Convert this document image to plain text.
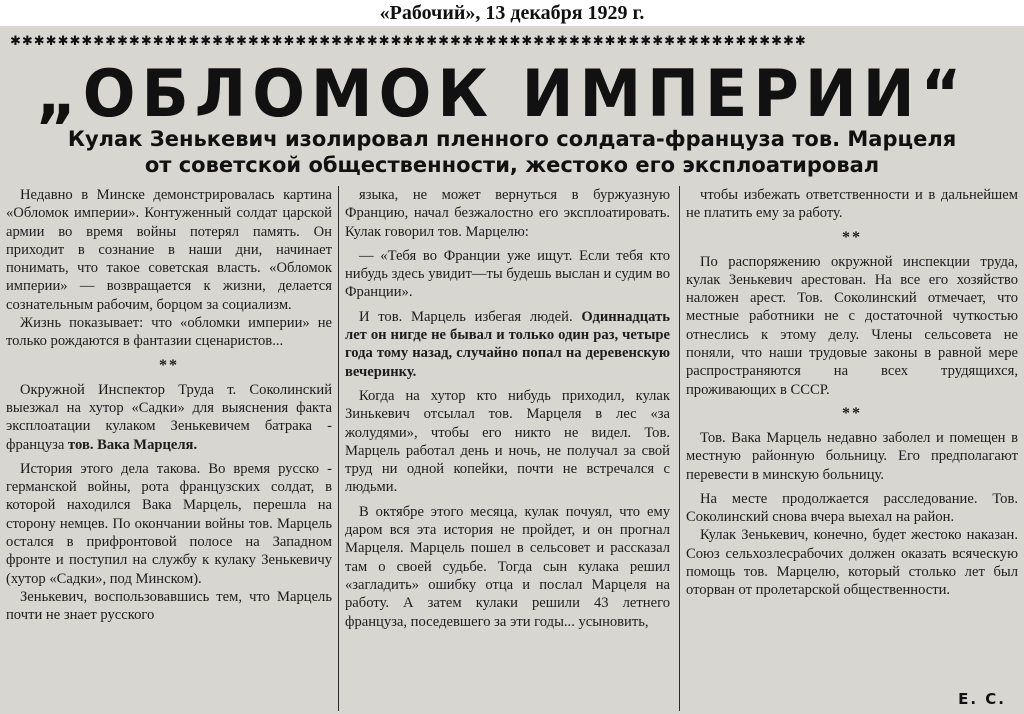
«Рабочий», 13 декабря 1929 г.
✱✱✱✱✱✱✱✱✱✱✱✱✱✱✱✱✱✱✱✱✱✱✱✱✱✱✱✱✱✱✱✱✱✱✱✱✱✱✱✱✱✱✱✱✱✱✱✱✱✱✱✱✱✱✱✱✱✱✱✱✱✱✱✱✱✱✱
„ОБЛОМОК ИМПЕРИИ“
Кулак Зенькевич изолировал пленного солдата-француза тов. Марцеля
от советской общественности, жестоко его эксплоатировал

Недавно в Минске демонстрировалась картина «Обломок империи». Контуженный солдат царской армии во время войны потерял память. Он приходит в сознание в наши дни, начинает понимать, что такое советская власть. «Обломок империи» — возвращается к жизни, делается сознательным рабочим, борцом за социализм.

Жизнь показывает: что «обломки империи» не только рождаются в фантазии сценаристов...

**

Окружной Инспектор Труда т. Соколинский выезжал на хутор «Садки» для выяснения факта эксплоатации кулаком Зенькевичем батрака - француза тов. Вака Марцеля.

История этого дела такова. Во время русско - германской войны, рота французских солдат, в которой находился Вака Марцель, перешла на сторону немцев. По окончании войны тов. Марцель остался в прифронтовой полосе на Западном фронте и поступил на службу к кулаку Зенькевичу (хутор «Садки», под Минском).

Зенькевич, воспользовавшись тем, что Марцель почти не знает русского

языка, не может вернуться в буржуазную Францию, начал безжалостно его эксплоатировать. Кулак говорил тов. Марцелю:

— «Тебя во Франции уже ищут. Если тебя кто нибудь здесь увидит—ты будешь выслан и судим во Франции».

И тов. Марцель избегая людей. Одиннадцать лет он нигде не бывал и только один раз, четыре года тому назад, случайно попал на деревенскую вечеринку.

Когда на хутор кто нибудь приходил, кулак Зинькевич отсылал тов. Марцеля в лес «за жолудями», чтобы его никто не видел. Тов. Марцель работал день и ночь, не получал за свой труд ни одной копейки, почти не встречался с людьми.

В октябре этого месяца, кулак почуял, что ему даром вся эта история не пройдет, и он прогнал Марцеля. Марцель пошел в сельсовет и рассказал там о своей судьбе. Тогда сын кулака решил «загладить» ошибку отца и послал Марцеля на работу. А затем кулаки решили 43 летнего француза, поседевшего за эти годы... усыновить,

чтобы избежать ответственности и в дальнейшем не платить ему за работу.

**

По распоряжению окружной инспекции труда, кулак Зенькевич арестован. На все его хозяйство наложен арест. Тов. Соколинский отмечает, что местные работники не с достаточной чуткостью отнеслись к этому делу. Члены сельсовета не поняли, что наши трудовые законы в равной мере распространяются на всех трудящихся, проживающих в СССР.

**

Тов. Вака Марцель недавно заболел и помещен в местную районную больницу. Его предполагают перевести в минскую больницу.

На месте продолжается расследование. Тов. Соколинский снова вчера выехал на район.

Кулак Зенькевич, конечно, будет жестоко наказан. Союз сельхозлесрабочих должен оказать всяческую помощь тов. Марцелю, который столько лет был оторван от пролетарской общественности.

Е. С.
